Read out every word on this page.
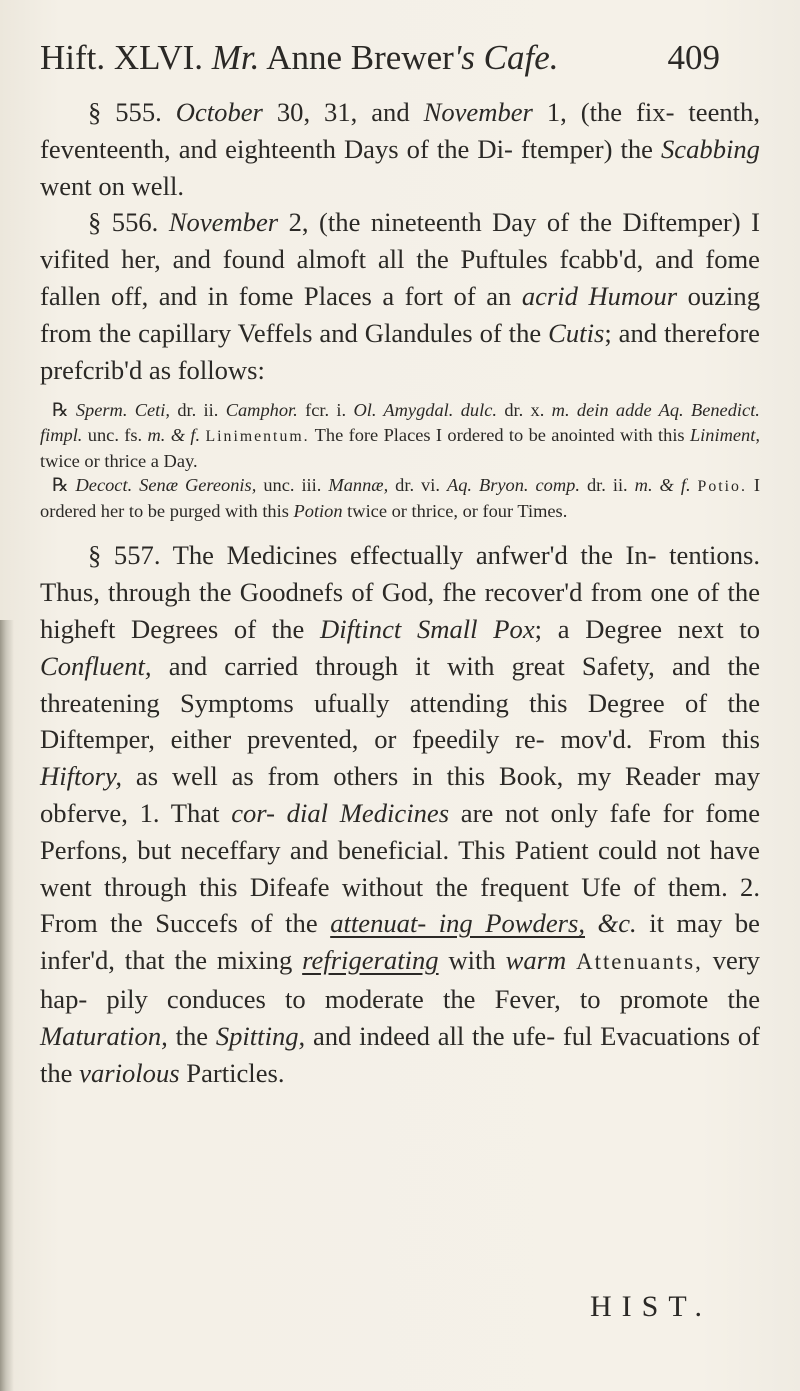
Hift. XLVI. Mr. Anne Brewer's Cafe.	409

§ 555. October 30, 31, and November 1, (the fix- teenth, feventeenth, and eighteenth Days of the Di- ftemper) the Scabbing went on well.

§ 556. November 2, (the nineteenth Day of the Diftemper) I vifited her, and found almoft all the Puftules fcabb'd, and fome fallen off, and in fome Places a fort of an acrid Humour ouzing from the capillary Veffels and Glandules of the Cutis; and therefore prefcrib'd as follows:

℞ Sperm. Ceti, dr. ii. Camphor. fcr. i. Ol. Amygdal. dulc. dr. x. m. dein adde Aq. Benedict. fimpl. unc. fs. m. & f. Linimentum. The fore Places I ordered to be anointed with this Liniment, twice or thrice a Day.

℞ Decoct. Senæ Gereonis, unc. iii. Mannæ, dr. vi. Aq. Bryon. comp. dr. ii. m. & f. Potio. I ordered her to be purged with this Potion twice or thrice, or four Times.

§ 557. The Medicines effectually anfwer'd the In- tentions. Thus, through the Goodnefs of God, fhe recover'd from one of the higheft Degrees of the Diftinct Small Pox; a Degree next to Confluent, and carried through it with great Safety, and the threatening Symptoms ufually attending this Degree of the Diftemper, either prevented, or fpeedily re- mov'd. From this Hiftory, as well as from others in this Book, my Reader may obferve, 1. That cor- dial Medicines are not only fafe for fome Perfons, but neceffary and beneficial. This Patient could not have went through this Difeafe without the frequent Ufe of them. 2. From the Succefs of the attenuat- ing Powders, &c. it may be infer'd, that the mixing refrigerating with warm Attenuants, very hap- pily conduces to moderate the Fever, to promote the Maturation, the Spitting, and indeed all the ufe- ful Evacuations of the variolous Particles.

HIST.
